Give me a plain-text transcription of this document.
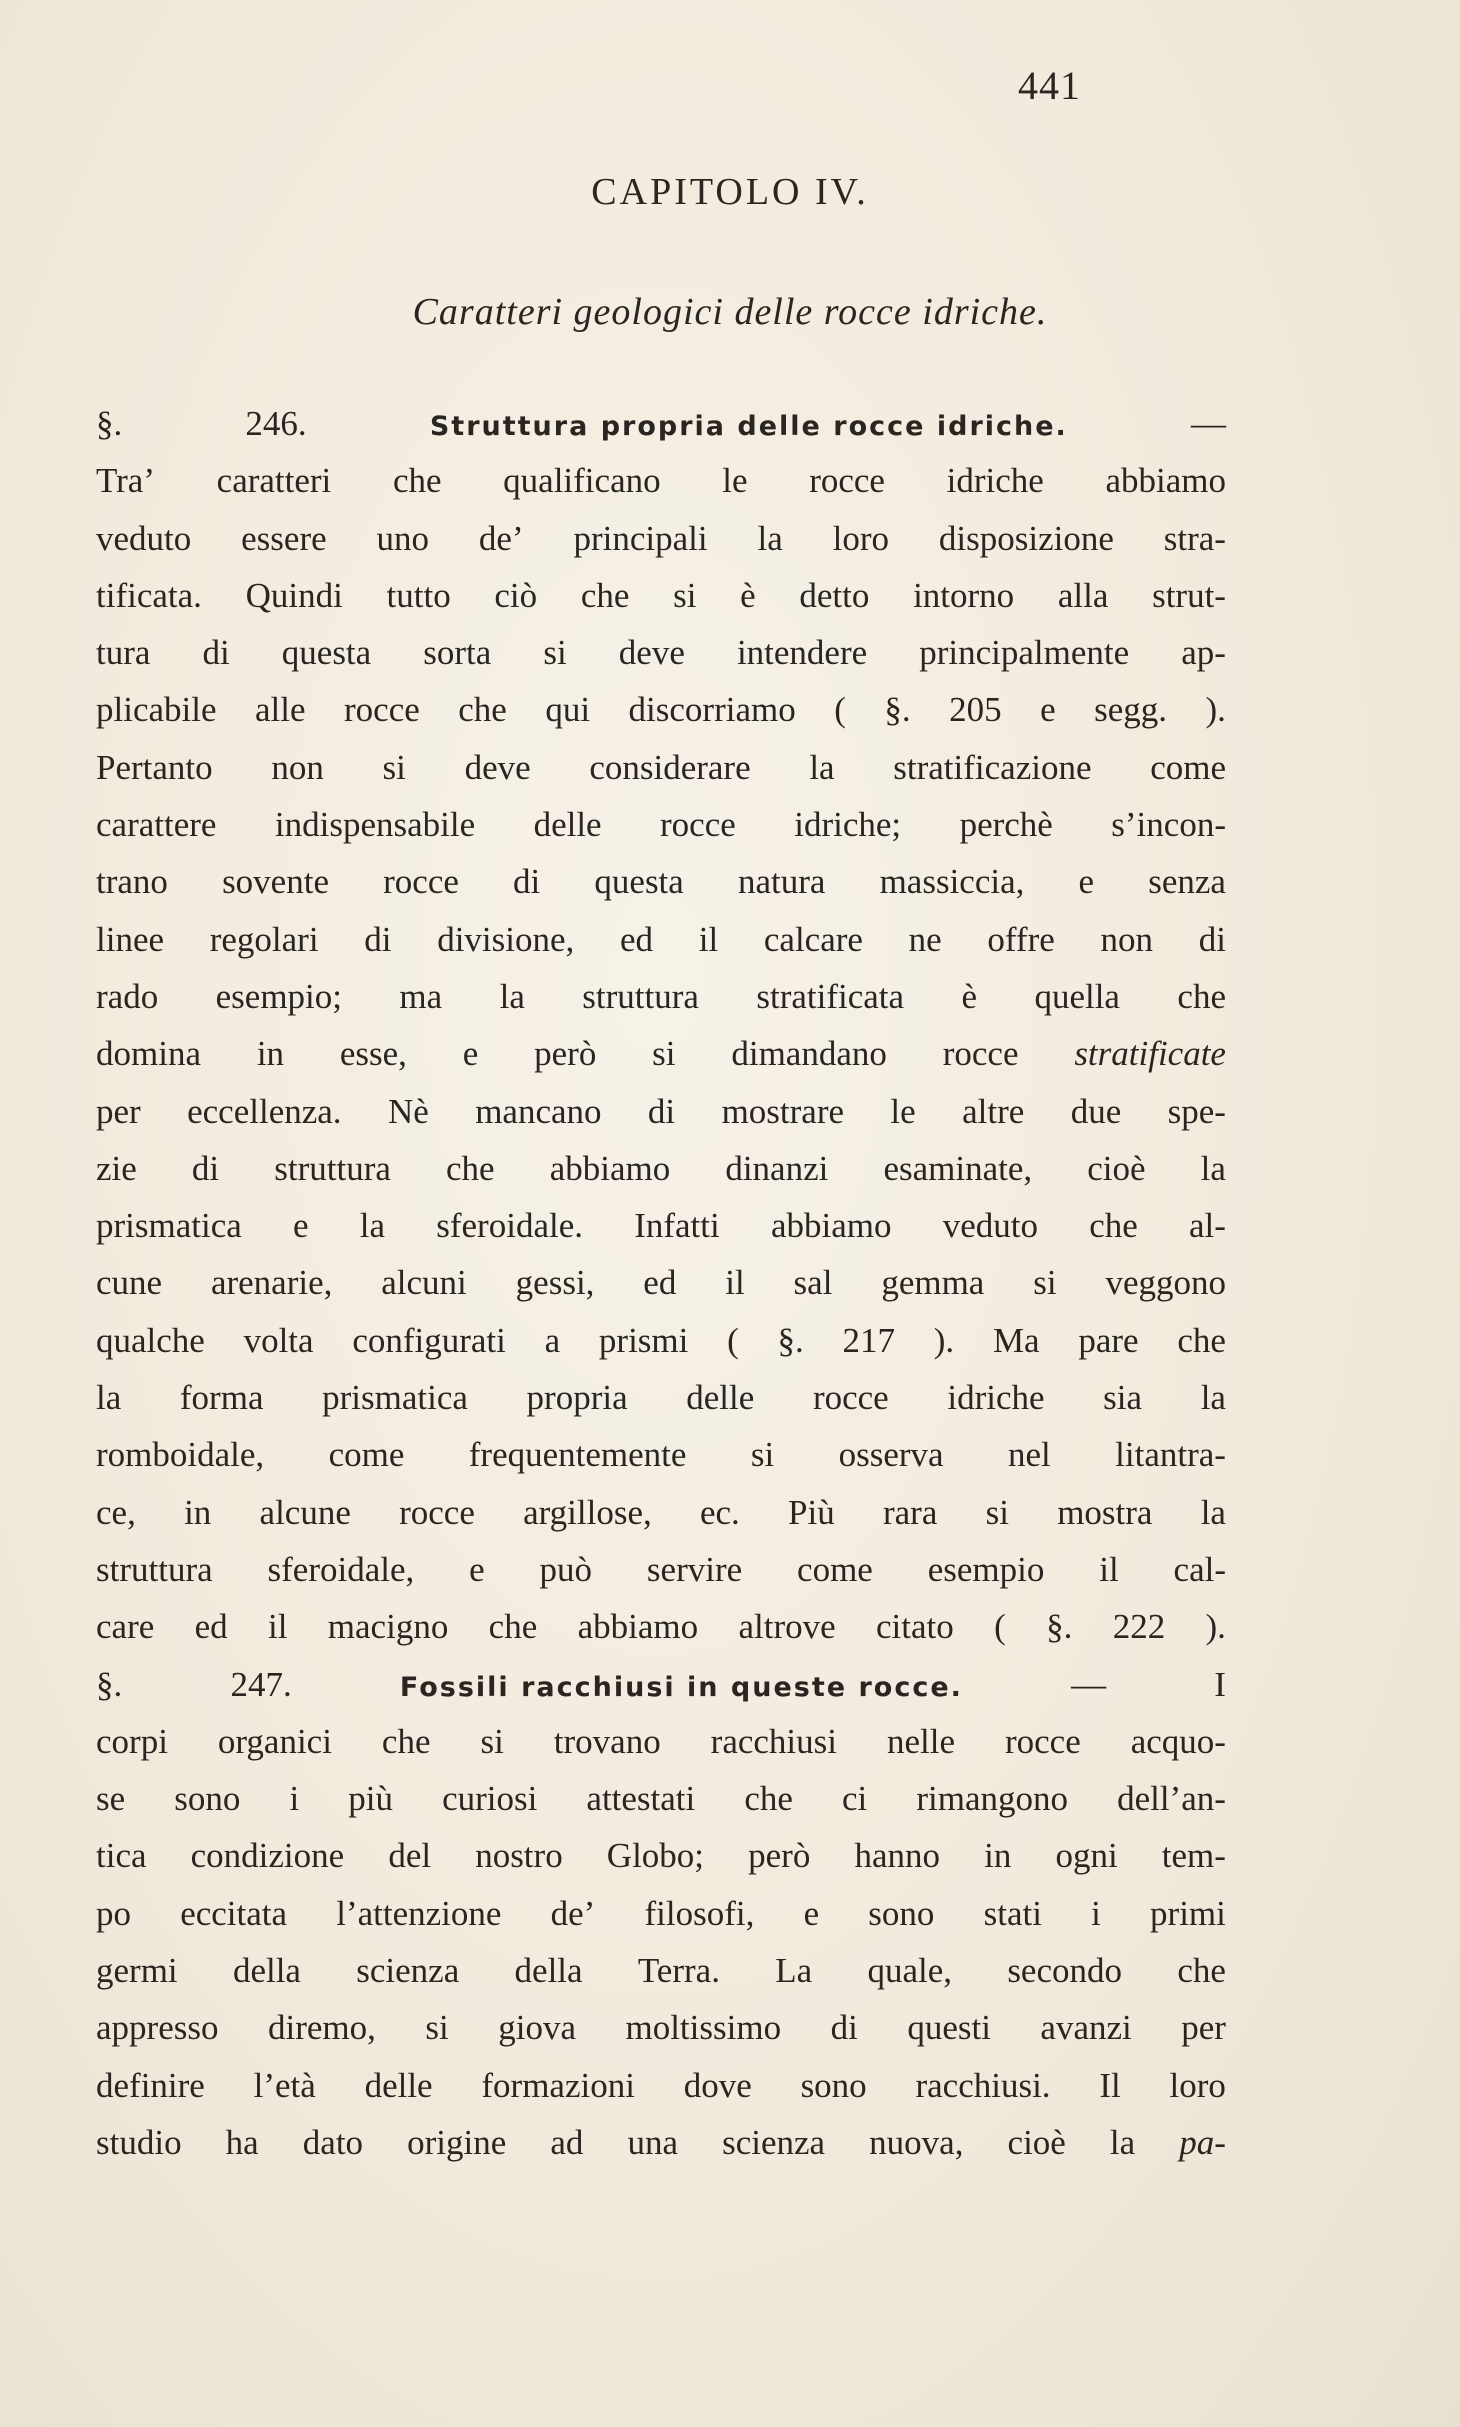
441
CAPITOLO IV.
Caratteri geologici delle rocce idriche.
§.	246.	Struttura propria delle rocce idriche.	—
Tra’ caratteri che qualificano le rocce idriche abbiamo
veduto essere uno de’ principali la loro disposizione stra-
tificata. Quindi tutto ciò che si è detto intorno alla strut-
tura di questa sorta si deve intendere principalmente ap-
plicabile alle rocce che qui discorriamo ( §. 205 e segg. ).
Pertanto non si deve considerare la stratificazione come
carattere indispensabile delle rocce idriche; perchè s’incon-
trano sovente rocce di questa natura massiccia, e senza
linee regolari di divisione, ed il calcare ne offre non di
rado esempio; ma la struttura stratificata è quella che
domina in esse, e però si dimandano rocce stratificate
per eccellenza. Nè mancano di mostrare le altre due spe-
zie di struttura che abbiamo dinanzi esaminate, cioè la
prismatica e la sferoidale. Infatti abbiamo veduto che al-
cune arenarie, alcuni gessi, ed il sal gemma si veggono
qualche volta configurati a prismi ( §. 217 ). Ma pare che
la forma prismatica propria delle rocce idriche sia la
romboidale, come frequentemente si osserva nel litantra-
ce, in alcune rocce argillose, ec. Più rara si mostra la
struttura sferoidale, e può servire come esempio il cal-
care ed il macigno che abbiamo altrove citato ( §. 222 ).
§.	247.	Fossili racchiusi in queste rocce.	—	I
corpi organici che si trovano racchiusi nelle rocce acquo-
se sono i più curiosi attestati che ci rimangono dell’an-
tica condizione del nostro Globo; però hanno in ogni tem-
po eccitata l’attenzione de’ filosofi, e sono stati i primi
germi della scienza della Terra. La quale, secondo che
appresso diremo, si giova moltissimo di questi avanzi per
definire l’età delle formazioni dove sono racchiusi. Il loro
studio ha dato origine ad una scienza nuova, cioè la pa-
